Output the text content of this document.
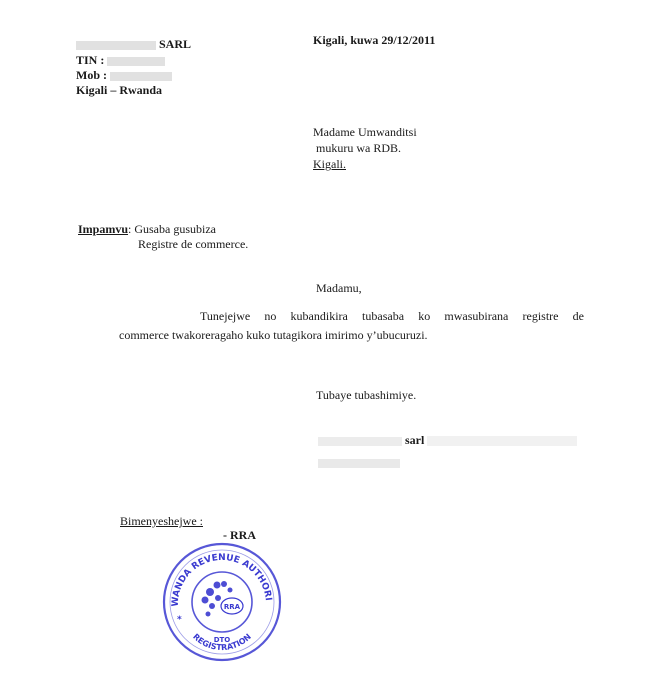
SARL
TIN :
Mob :
Kigali – Rwanda
Kigali, kuwa 29/12/2011
Madame Umwanditsi
mukuru wa RDB.
Kigali.
Impamvu: Gusaba gusubiza
Registre de commerce.
Madamu,
Tunejejwe no kubandikira tubasaba ko mwasubirana registre de
commerce twakoreragaho kuko tutagikora imirimo y’ubucuruzi.
Tubaye tubashimiye.
sarl
Bimenyeshejwe :
- RRA
WANDA REVENUE AUTHORI
RRA
DTO
REGISTRATION
*
